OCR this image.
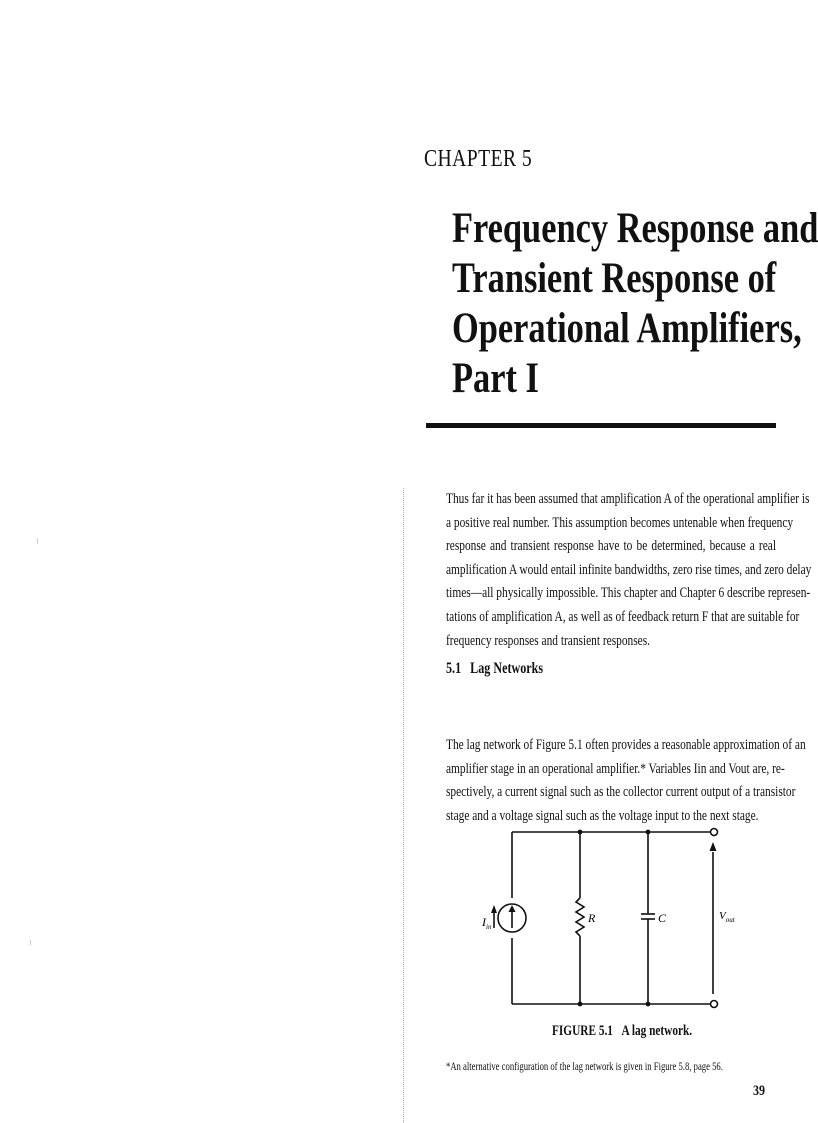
CHAPTER 5
Frequency Response and
Transient Response of
Operational Amplifiers,
Part I
Thus far it has been assumed that amplification A of the operational amplifier is
a positive real number. This assumption becomes untenable when frequency
response and transient response have to be determined, because a real
amplification A would entail infinite bandwidths, zero rise times, and zero delay
times—all physically impossible. This chapter and Chapter 6 describe represen-
tations of amplification A, as well as of feedback return F that are suitable for
frequency responses and transient responses.
5.1 Lag Networks
The lag network of Figure 5.1 often provides a reasonable approximation of an
amplifier stage in an operational amplifier.* Variables Iin and Vout are, re-
spectively, a current signal such as the collector current output of a transistor
stage and a voltage signal such as the voltage input to the next stage.
$I_{in}$
R	C	$V_{out}$
FIGURE 5.1 A lag network.
*An alternative configuration of the lag network is given in Figure 5.8, page 56.
39
